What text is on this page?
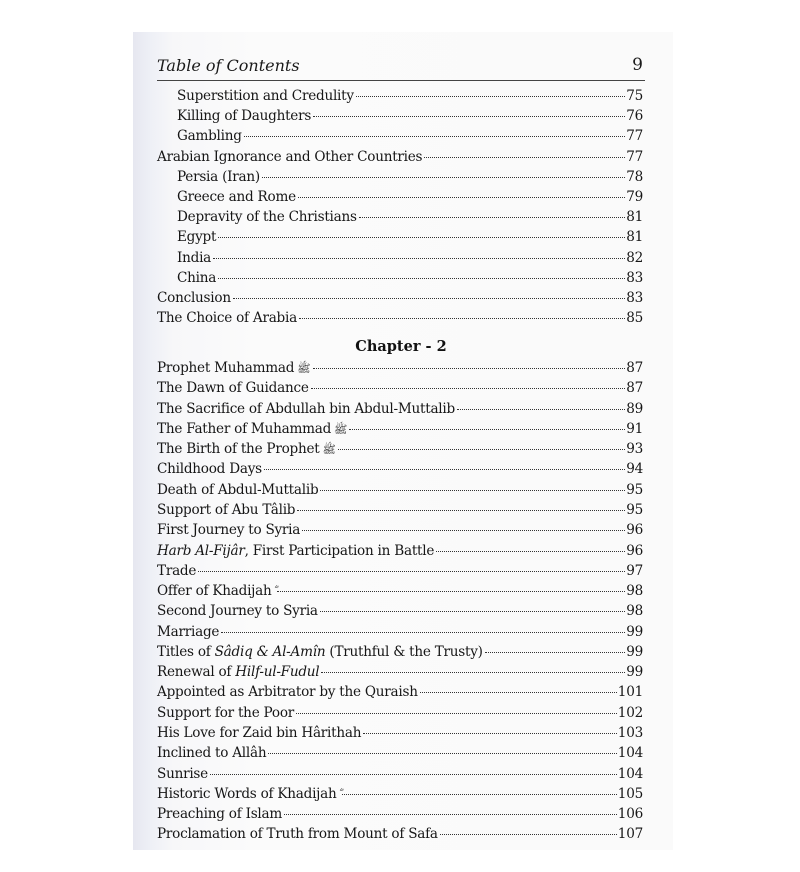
Table of Contents	9
Superstition and Credulity	75
Killing of Daughters	76
Gambling	77
Arabian Ignorance and Other Countries	77
Persia (Iran)	78
Greece and Rome	79
Depravity of the Christians	81
Egypt	81
India	82
China	83
Conclusion	83
The Choice of Arabia	85
Prophet Muhammad ﷺ	87
The Dawn of Guidance	87
The Sacrifice of Abdullah bin Abdul-Muttalib	89
The Father of Muhammad ﷺ	91
The Birth of the Prophet ﷺ	93
Childhood Days	94
Death of Abdul-Muttalib	95
Support of Abu Tâlib	95
First Journey to Syria	96
Harb Al-Fijâr, First Participation in Battle	96
Trade	97
Offer of Khadijah	98
Second Journey to Syria	98
Marriage	99
Titles of Sâdiq & Al-Amîn (Truthful & the Trusty)	99
Renewal of Hilf-ul-Fudul	99
Appointed as Arbitrator by the Quraish	101
Support for the Poor	102
His Love for Zaid bin Hârithah	103
Inclined to Allâh	104
Sunrise	104
Historic Words of Khadijah	105
Preaching of Islam	106
Proclamation of Truth from Mount of Safa	107
Chapter - 2
